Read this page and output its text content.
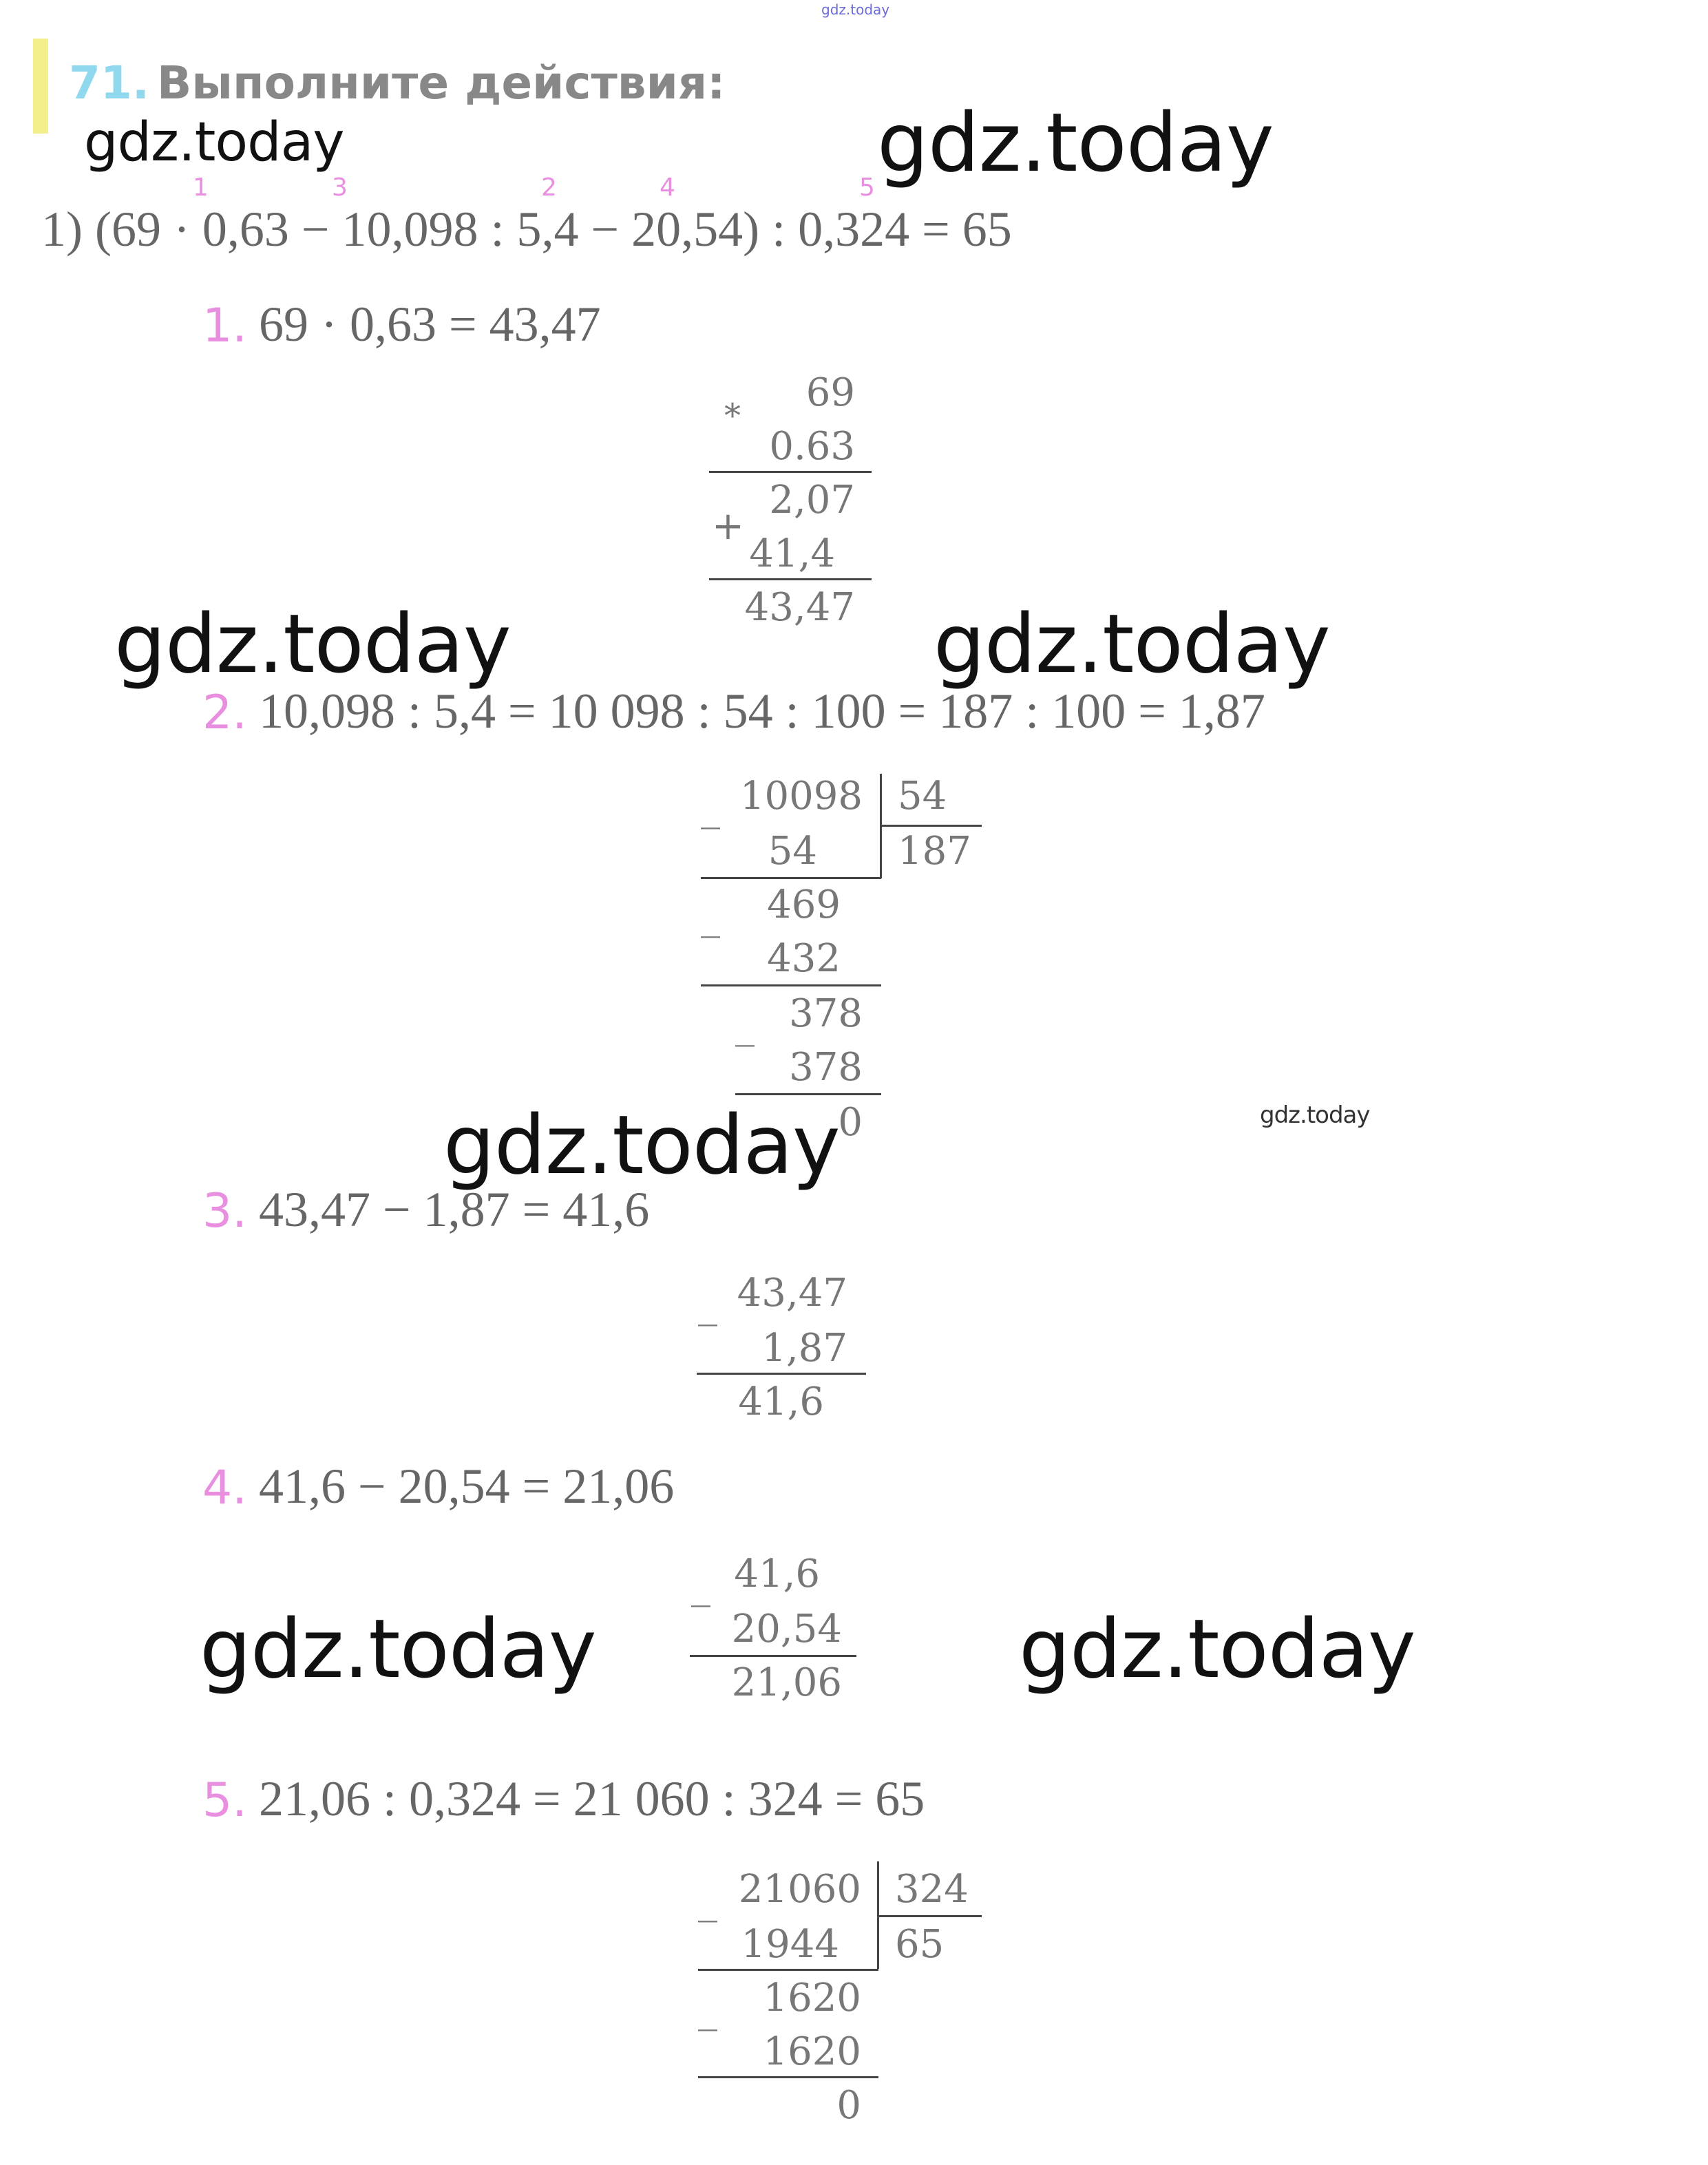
gdz.today
71. Выполните действия:
gdz.today	gdz.today
gdz.today	gdz.today
gdz.today	gdz.today
gdz.today	gdz.today
1	3	2	4	5
1) (69 · 0,63 − 10,098 : 5,4 − 20,54) : 0,324 = 65
1. 69 · 0,63 = 43,47
*
69
0.63
+
2,07
41,4
43,47
2. 10,098 : 5,4 = 10 098 : 54 : 100 = 187 : 100 = 1,87
_ 10098 54
187
54
_ 469
432
_ 378
378
0
3. 43,47 − 1,87 = 41,6
_ 43,47
1,87
41,6
4. 41,6 − 20,54 = 21,06
_ 41,6
20,54
21,06
5. 21,06 : 0,324 = 21 060 : 324 = 65
_ 21060 324
65
1944
_ 1620
1620
0
